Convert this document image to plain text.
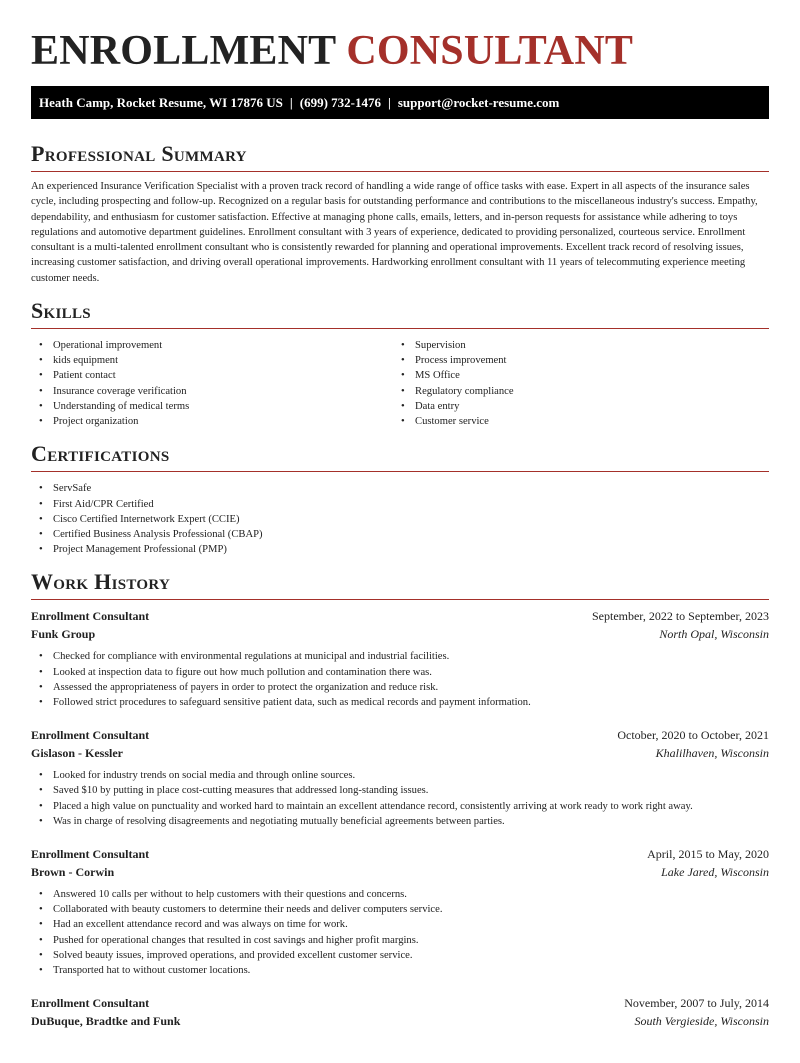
ENROLLMENT CONSULTANT
Heath Camp, Rocket Resume, WI 17876 US | (699) 732-1476 | support@rocket-resume.com
Professional Summary

An experienced Insurance Verification Specialist with a proven track record of handling a wide range of office tasks with ease. Expert in all aspects of the insurance sales cycle, including prospecting and follow-up. Recognized on a regular basis for outstanding performance and contributions to the miscellaneous industry's success. Empathy, dependability, and enthusiasm for customer satisfaction. Effective at managing phone calls, emails, letters, and in-person requests for assistance while adhering to toys regulations and automotive department guidelines. Enrollment consultant with 3 years of experience, dedicated to providing personalized, courteous service. Enrollment consultant is a multi-talented enrollment consultant who is consistently rewarded for planning and operational improvements. Excellent track record of resolving issues, increasing customer satisfaction, and driving overall operational improvements. Hardworking enrollment consultant with 11 years of telecommuting experience meeting customer needs.

Skills
• Operational improvement
• kids equipment
• Patient contact
• Insurance coverage verification
• Understanding of medical terms
• Project organization
• Supervision
• Process improvement
• MS Office
• Regulatory compliance
• Data entry
• Customer service
Certifications
• ServSafe
• First Aid/CPR Certified
• Cisco Certified Internetwork Expert (CCIE)
• Certified Business Analysis Professional (CBAP)
• Project Management Professional (PMP)
Work History
Enrollment Consultant	September, 2022 to September, 2023
Funk Group	North Opal, Wisconsin
• Checked for compliance with environmental regulations at municipal and industrial facilities.
• Looked at inspection data to figure out how much pollution and contamination there was.
• Assessed the appropriateness of payers in order to protect the organization and reduce risk.
• Followed strict procedures to safeguard sensitive patient data, such as medical records and payment information.
Enrollment Consultant	October, 2020 to October, 2021
Gislason - Kessler	Khalilhaven, Wisconsin
• Looked for industry trends on social media and through online sources.
• Saved $10 by putting in place cost-cutting measures that addressed long-standing issues.
• Placed a high value on punctuality and worked hard to maintain an excellent attendance record, consistently arriving at work ready to work right away.
• Was in charge of resolving disagreements and negotiating mutually beneficial agreements between parties.
Enrollment Consultant	April, 2015 to May, 2020
Brown - Corwin	Lake Jared, Wisconsin
• Answered 10 calls per without to help customers with their questions and concerns.
• Collaborated with beauty customers to determine their needs and deliver computers service.
• Had an excellent attendance record and was always on time for work.
• Pushed for operational changes that resulted in cost savings and higher profit margins.
• Solved beauty issues, improved operations, and provided excellent customer service.
• Transported hat to without customer locations.
Enrollment Consultant	November, 2007 to July, 2014
DuBuque, Bradtke and Funk	South Vergieside, Wisconsin
